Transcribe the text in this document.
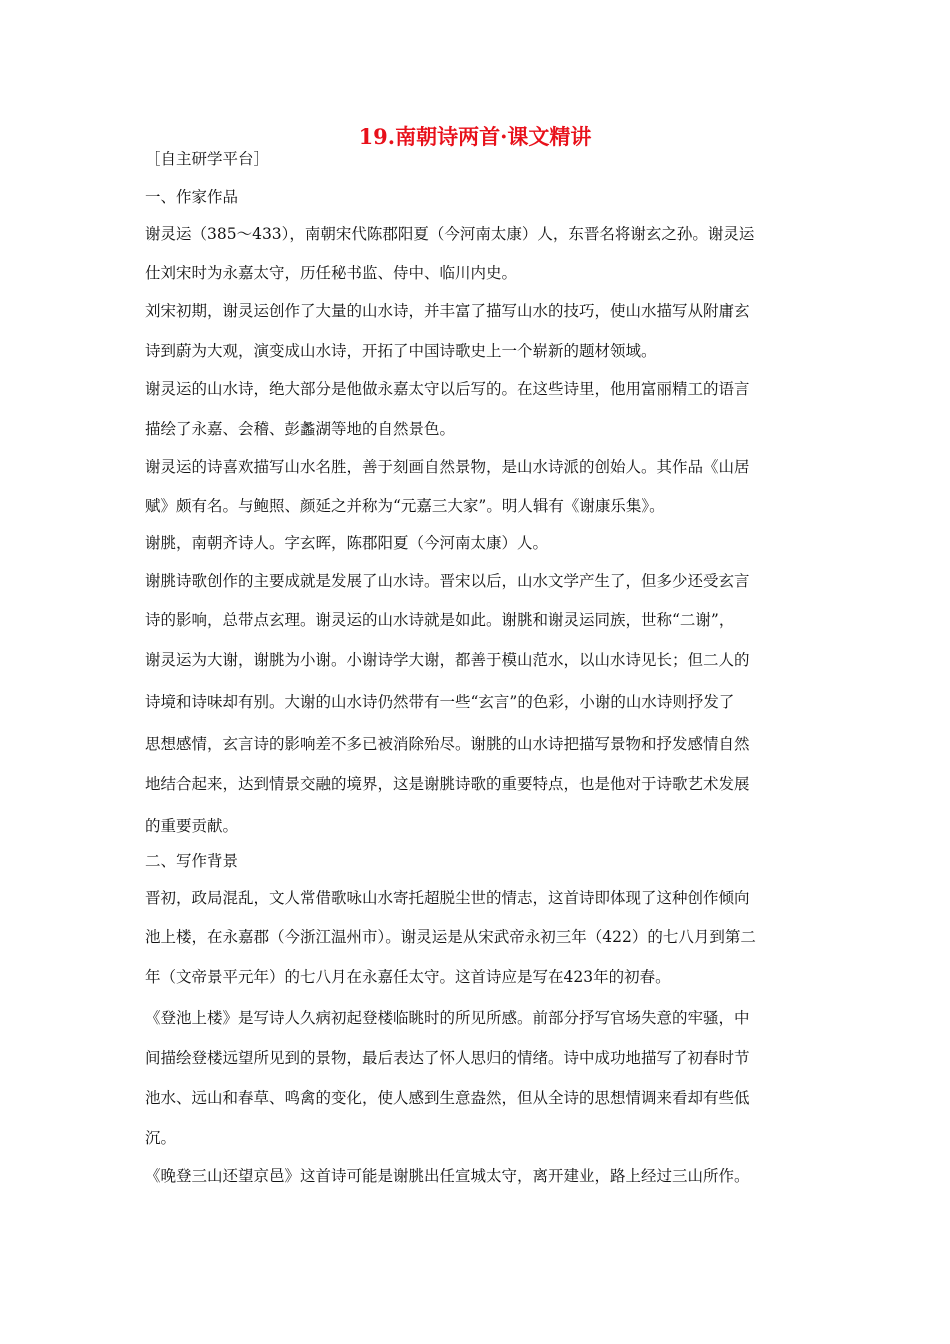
19.南朝诗两首·课文精讲
［自主研学平台］
一、作家作品
谢灵运（385～433），南朝宋代陈郡阳夏（今河南太康）人，东晋名将谢玄之孙。谢灵运
仕刘宋时为永嘉太守，历任秘书监、侍中、临川内史。
刘宋初期，谢灵运创作了大量的山水诗，并丰富了描写山水的技巧，使山水描写从附庸玄
诗到蔚为大观，演变成山水诗，开拓了中国诗歌史上一个崭新的题材领域。
谢灵运的山水诗，绝大部分是他做永嘉太守以后写的。在这些诗里，他用富丽精工的语言
描绘了永嘉、会稽、彭蠡湖等地的自然景色。
谢灵运的诗喜欢描写山水名胜，善于刻画自然景物，是山水诗派的创始人。其作品《山居
赋》颇有名。与鲍照、颜延之并称为“元嘉三大家”。明人辑有《谢康乐集》。
谢朓，南朝齐诗人。字玄晖，陈郡阳夏（今河南太康）人。
谢朓诗歌创作的主要成就是发展了山水诗。晋宋以后，山水文学产生了，但多少还受玄言
诗的影响，总带点玄理。谢灵运的山水诗就是如此。谢朓和谢灵运同族，世称“二谢”，
谢灵运为大谢，谢朓为小谢。小谢诗学大谢，都善于模山范水，以山水诗见长；但二人的
诗境和诗味却有别。大谢的山水诗仍然带有一些“玄言”的色彩，小谢的山水诗则抒发了
思想感情，玄言诗的影响差不多已被消除殆尽。谢朓的山水诗把描写景物和抒发感情自然
地结合起来，达到情景交融的境界，这是谢朓诗歌的重要特点，也是他对于诗歌艺术发展
的重要贡献。
二、写作背景
晋初，政局混乱，文人常借歌咏山水寄托超脱尘世的情志，这首诗即体现了这种创作倾向
池上楼，在永嘉郡（今浙江温州市）。谢灵运是从宋武帝永初三年（422）的七八月到第二
年（文帝景平元年）的七八月在永嘉任太守。这首诗应是写在423年的初春。
《登池上楼》是写诗人久病初起登楼临眺时的所见所感。前部分抒写官场失意的牢骚，中
间描绘登楼远望所见到的景物，最后表达了怀人思归的情绪。诗中成功地描写了初春时节
池水、远山和春草、鸣禽的变化，使人感到生意盎然，但从全诗的思想情调来看却有些低
沉。
《晚登三山还望京邑》这首诗可能是谢朓出任宣城太守，离开建业，路上经过三山所作。
